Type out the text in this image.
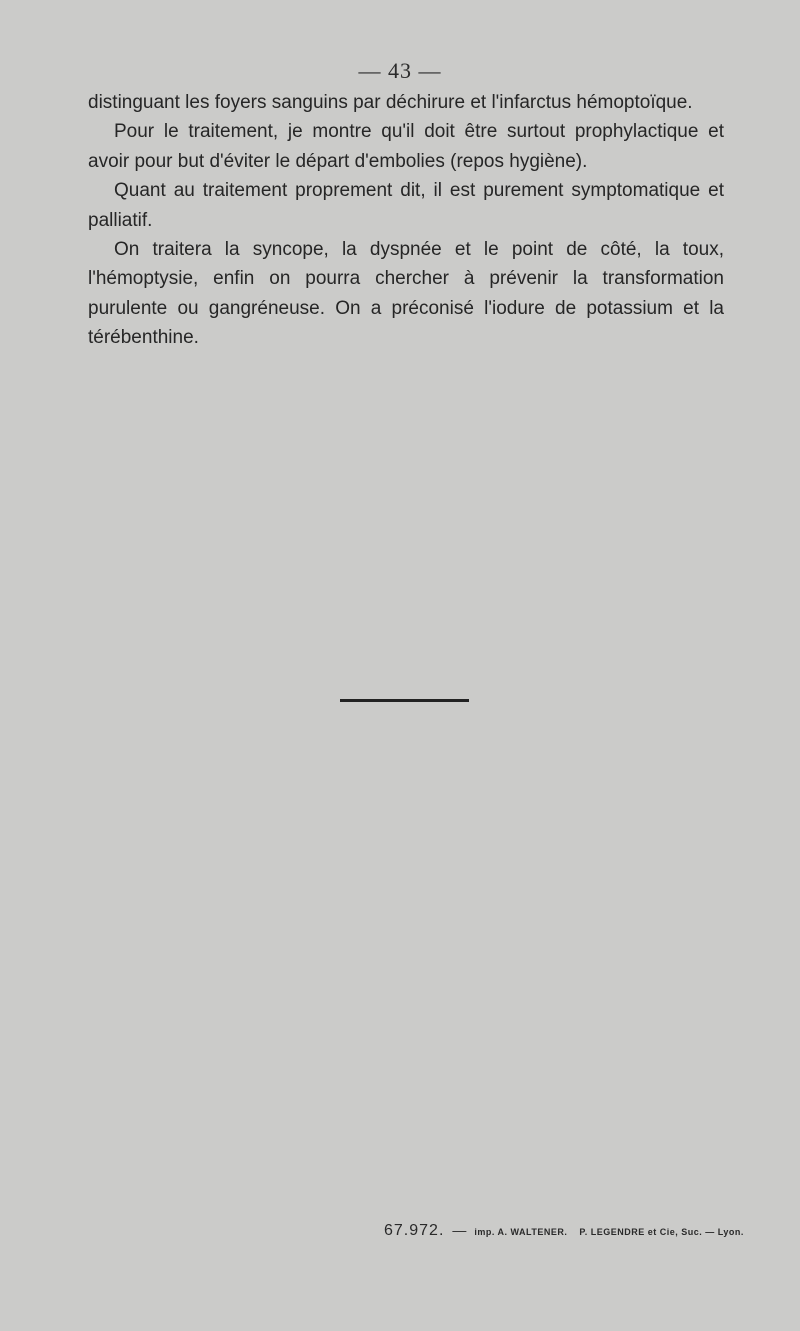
— 43 —

distinguant les foyers sanguins par déchirure et l'infarctus hémoptoïque.

Pour le traitement, je montre qu'il doit être surtout prophylactique et avoir pour but d'éviter le départ d'embolies (repos hygiène).

Quant au traitement proprement dit, il est purement symptomatique et palliatif.

On traitera la syncope, la dyspnée et le point de côté, la toux, l'hémoptysie, enfin on pourra chercher à prévenir la transformation purulente ou gangréneuse. On a préconisé l'iodure de potassium et la térébenthine.

67.972. — imp. A. WALTENER. P. LEGENDRE et Cie, Suc. — Lyon.
